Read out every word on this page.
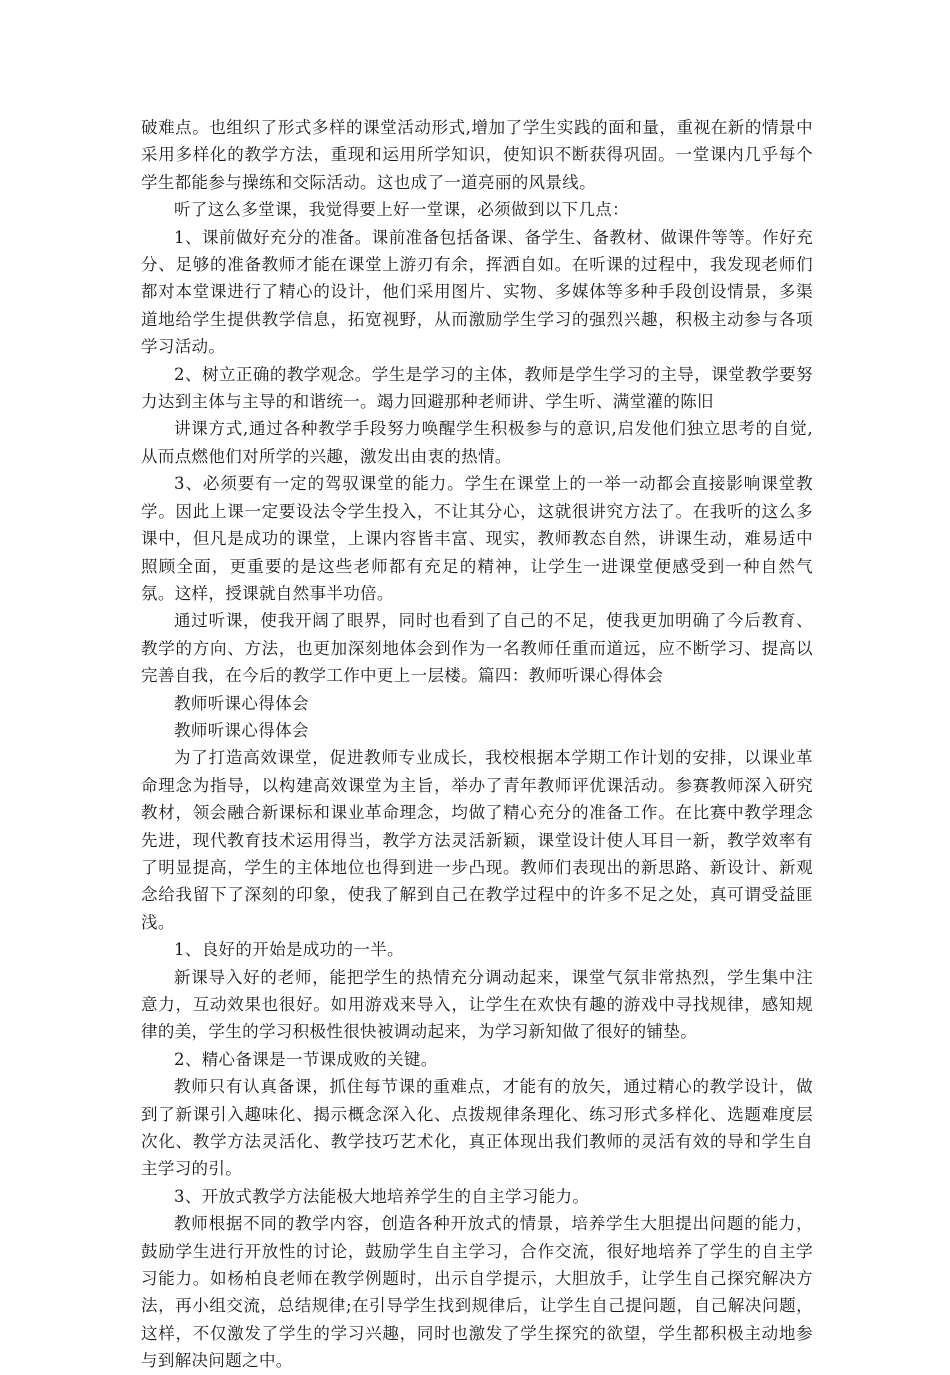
破难点。也组织了形式多样的课堂活动形式,增加了学生实践的面和量，重视在新的情景中采用多样化的教学方法，重现和运用所学知识，使知识不断获得巩固。一堂课内几乎每个学生都能参与操练和交际活动。这也成了一道亮丽的风景线。

听了这么多堂课，我觉得要上好一堂课，必须做到以下几点：

1、课前做好充分的准备。课前准备包括备课、备学生、备教材、做课件等等。作好充分、足够的准备教师才能在课堂上游刃有余，挥洒自如。在听课的过程中，我发现老师们都对本堂课进行了精心的设计，他们采用图片、实物、多媒体等多种手段创设情景，多渠道地给学生提供教学信息，拓宽视野，从而激励学生学习的强烈兴趣，积极主动参与各项学习活动。

2、树立正确的教学观念。学生是学习的主体，教师是学生学习的主导，课堂教学要努力达到主体与主导的和谐统一。竭力回避那种老师讲、学生听、满堂灌的陈旧

讲课方式,通过各种教学手段努力唤醒学生积极参与的意识,启发他们独立思考的自觉,从而点燃他们对所学的兴趣，激发出由衷的热情。

3、必须要有一定的驾驭课堂的能力。学生在课堂上的一举一动都会直接影响课堂教学。因此上课一定要设法令学生投入，不让其分心，这就很讲究方法了。在我听的这么多课中，但凡是成功的课堂，上课内容皆丰富、现实，教师教态自然，讲课生动，难易适中照顾全面，更重要的是这些老师都有充足的精神，让学生一进课堂便感受到一种自然气氛。这样，授课就自然事半功倍。

通过听课，使我开阔了眼界，同时也看到了自己的不足，使我更加明确了今后教育、教学的方向、方法，也更加深刻地体会到作为一名教师任重而道远，应不断学习、提高以完善自我，在今后的教学工作中更上一层楼。篇四：教师听课心得体会

教师听课心得体会

教师听课心得体会

为了打造高效课堂，促进教师专业成长，我校根据本学期工作计划的安排，以课业革命理念为指导，以构建高效课堂为主旨，举办了青年教师评优课活动。参赛教师深入研究教材，领会融合新课标和课业革命理念，均做了精心充分的准备工作。在比赛中教学理念先进，现代教育技术运用得当，教学方法灵活新颖，课堂设计使人耳目一新，教学效率有了明显提高，学生的主体地位也得到进一步凸现。教师们表现出的新思路、新设计、新观念给我留下了深刻的印象，使我了解到自己在教学过程中的许多不足之处，真可谓受益匪浅。

1、良好的开始是成功的一半。

新课导入好的老师，能把学生的热情充分调动起来，课堂气氛非常热烈，学生集中注意力，互动效果也很好。如用游戏来导入，让学生在欢快有趣的游戏中寻找规律，感知规律的美，学生的学习积极性很快被调动起来，为学习新知做了很好的铺垫。

2、精心备课是一节课成败的关键。

教师只有认真备课，抓住每节课的重难点，才能有的放矢，通过精心的教学设计，做到了新课引入趣味化、揭示概念深入化、点拨规律条理化、练习形式多样化、选题难度层次化、教学方法灵活化、教学技巧艺术化，真正体现出我们教师的灵活有效的导和学生自主学习的引。

3、开放式教学方法能极大地培养学生的自主学习能力。

教师根据不同的教学内容，创造各种开放式的情景，培养学生大胆提出问题的能力，鼓励学生进行开放性的讨论，鼓励学生自主学习，合作交流，很好地培养了学生的自主学习能力。如杨柏良老师在教学例题时，出示自学提示，大胆放手，让学生自己探究解决方法，再小组交流，总结规律;在引导学生找到规律后，让学生自己提问题，自己解决问题，这样，不仅激发了学生的学习兴趣，同时也激发了学生探究的欲望，学生都积极主动地参与到解决问题之中。
